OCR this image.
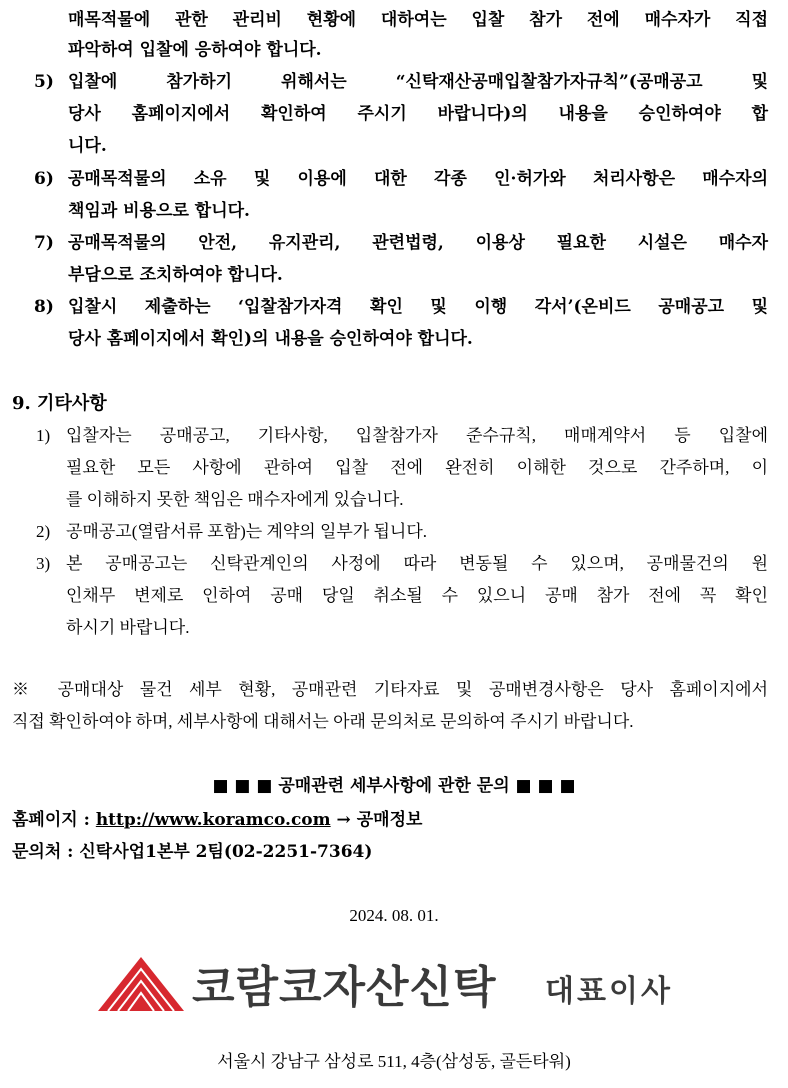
매목적물에 관한 관리비 현황에 대하여는 입찰 참가 전에 매수자가 직접
파악하여 입찰에 응하여야 합니다.
5) 입찰에 참가하기 위해서는 “신탁재산공매입찰참가자규칙”(공매공고 및
당사 홈페이지에서 확인하여 주시기 바랍니다)의 내용을 승인하여야 합
니다.
6) 공매목적물의 소유 및 이용에 대한 각종 인·허가와 처리사항은 매수자의
책임과 비용으로 합니다.
7) 공매목적물의 안전, 유지관리, 관련법령, 이용상 필요한 시설은 매수자
부담으로 조치하여야 합니다.
8) 입찰시 제출하는 ‘입찰참가자격 확인 및 이행 각서’(온비드 공매공고 및
당사 홈페이지에서 확인)의 내용을 승인하여야 합니다.
9. 기타사항
1) 입찰자는 공매공고, 기타사항, 입찰참가자 준수규칙, 매매계약서 등 입찰에
필요한 모든 사항에 관하여 입찰 전에 완전히 이해한 것으로 간주하며, 이
를 이해하지 못한 책임은 매수자에게 있습니다.
2) 공매공고(열람서류 포함)는 계약의 일부가 됩니다.
3) 본 공매공고는 신탁관계인의 사정에 따라 변동될 수 있으며, 공매물건의 원
인채무 변제로 인하여 공매 당일 취소될 수 있으니 공매 참가 전에 꼭 확인
하시기 바랍니다.
※ 공매대상 물건 세부 현황, 공매관련 기타자료 및 공매변경사항은 당사 홈페이지에서
직접 확인하여야 하며, 세부사항에 대해서는 아래 문의처로 문의하여 주시기 바랍니다.
■ ■ ■ 공매관련 세부사항에 관한 문의 ■ ■ ■
홈페이지 : http://www.koramco.com → 공매정보
문의처 : 신탁사업1본부 2팀(02-2251-7364)
2024. 08. 01.
코람코자산신탁 대표이사
서울시 강남구 삼성로 511, 4층(삼성동, 골든타워)
